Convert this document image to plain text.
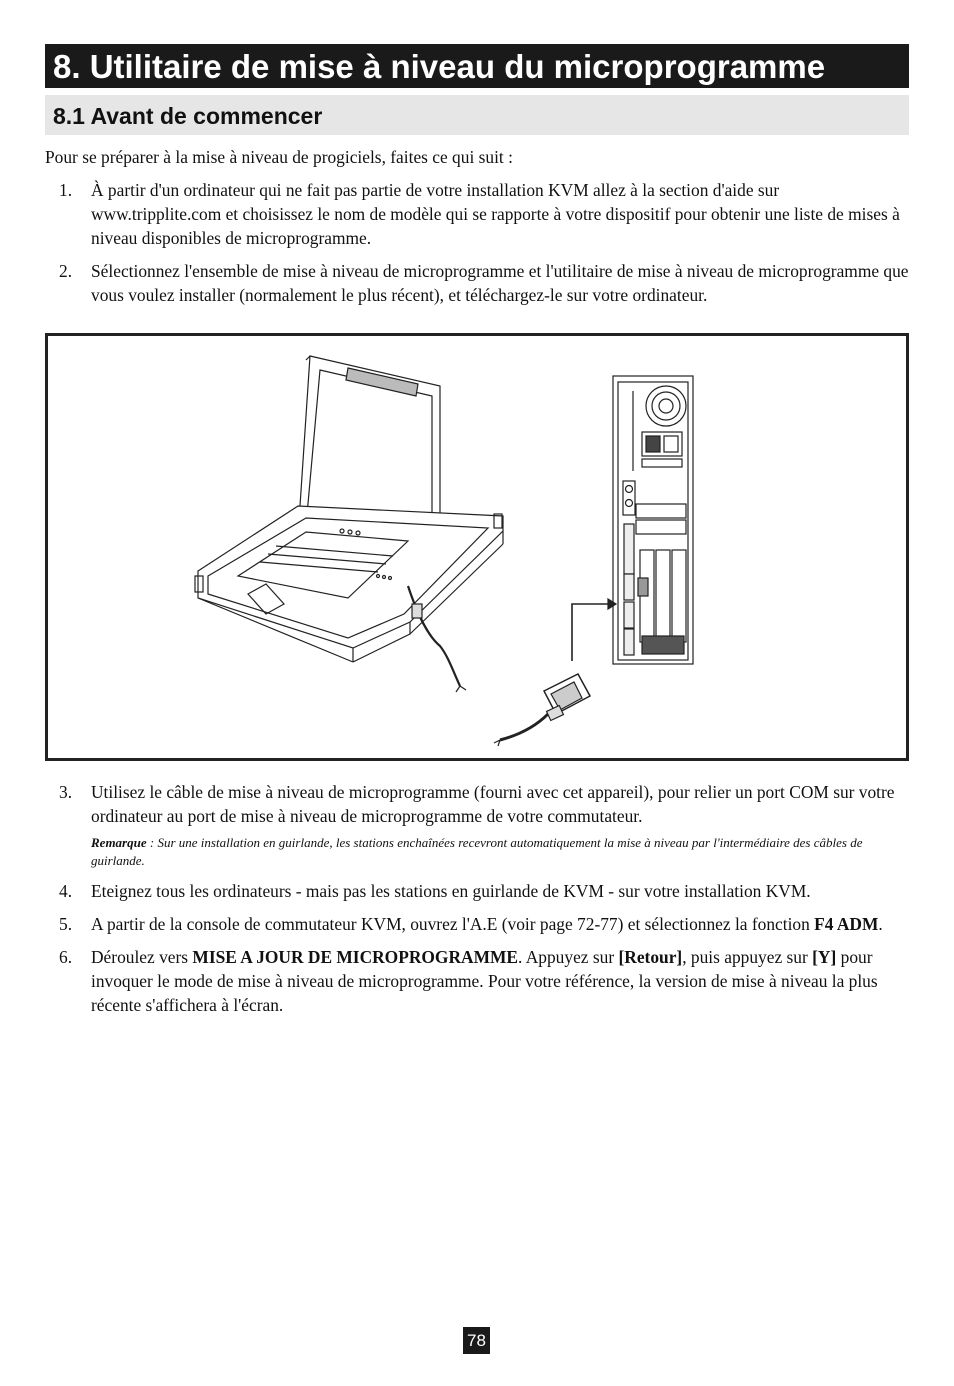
8. Utilitaire de mise à niveau du microprogramme
8.1 Avant de commencer
Pour se préparer à la mise à niveau de progiciels, faites ce qui suit :
1. À partir d'un ordinateur qui ne fait pas partie de votre installation KVM allez à la section d'aide sur www.tripplite.com et choisissez le nom de modèle qui se rapporte à votre dispositif pour obtenir une liste de mises à niveau disponibles de microprogramme.
2. Sélectionnez l'ensemble de mise à niveau de microprogramme et l'utilitaire de mise à niveau de microprogramme que vous voulez installer (normalement le plus récent), et téléchargez-le sur votre ordinateur.
3. Utilisez le câble de mise à niveau de microprogramme (fourni avec cet appareil), pour relier un port COM sur votre ordinateur au port de mise à niveau de microprogramme de votre commutateur.
Remarque : Sur une installation en guirlande, les stations enchaînées recevront automatiquement la mise à niveau par l'intermédiaire des câbles de guirlande.
4. Eteignez tous les ordinateurs - mais pas les stations en guirlande de KVM - sur votre installation KVM.
5. A partir de la console de commutateur KVM, ouvrez l'A.E (voir page 72-77) et sélectionnez la fonction F4 ADM.
6. Déroulez vers MISE A JOUR DE MICROPROGRAMME. Appuyez sur [Retour], puis appuyez sur [Y] pour invoquer le mode de mise à niveau de microprogramme. Pour votre référence, la version de mise à niveau la plus récente s'affichera à l'écran.
78
